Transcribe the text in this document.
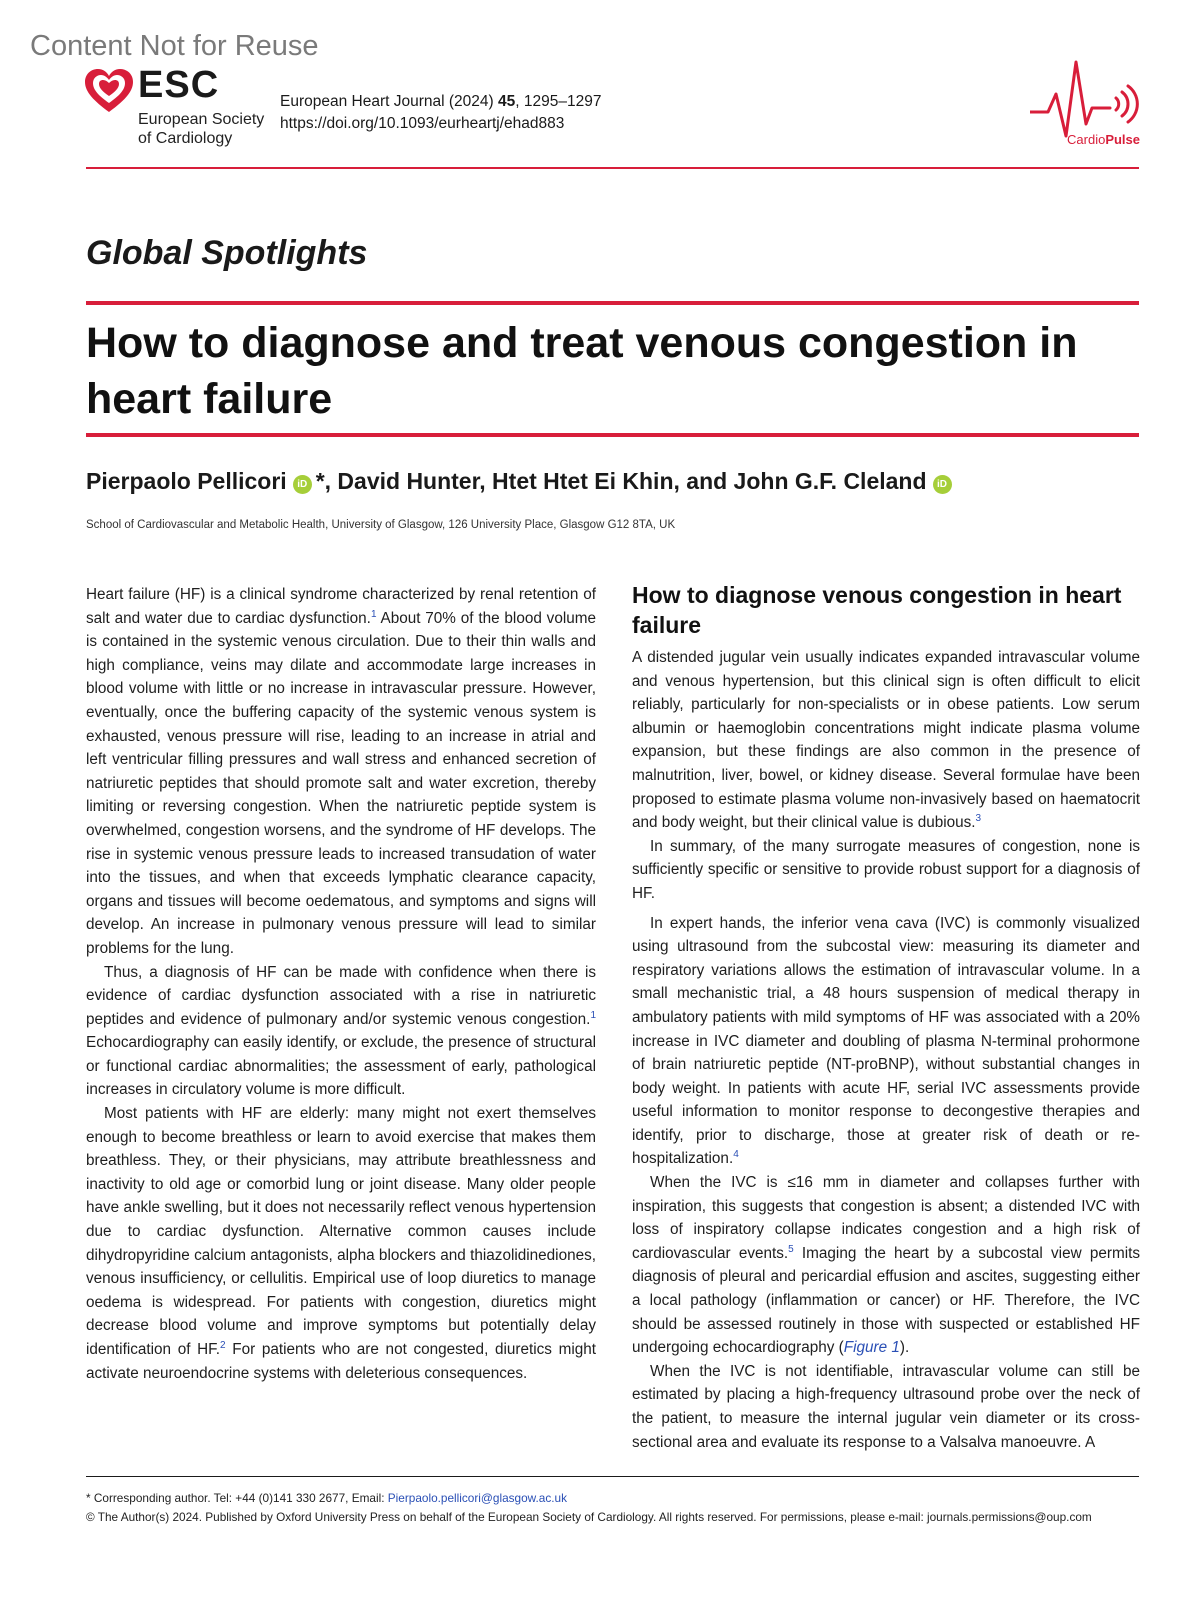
Content Not for Reuse
ESC
European Society
of Cardiology
European Heart Journal (2024) 45, 1295–1297
https://doi.org/10.1093/eurheartj/ehad883
CardioPulse
Global Spotlights
How to diagnose and treat venous congestion in heart failure
Pierpaolo Pellicori iD *, David Hunter, Htet Htet Ei Khin, and John G.F. Cleland iD
School of Cardiovascular and Metabolic Health, University of Glasgow, 126 University Place, Glasgow G12 8TA, UK

Heart failure (HF) is a clinical syndrome characterized by renal retention of salt and water due to cardiac dysfunction.$^1$ About 70% of the blood volume is contained in the systemic venous circulation. Due to their thin walls and high compliance, veins may dilate and accommodate large increases in blood volume with little or no increase in intravascular pressure. However, eventually, once the buffering capacity of the systemic venous system is exhausted, venous pressure will rise, leading to an increase in atrial and left ventricular filling pressures and wall stress and enhanced secretion of natriuretic peptides that should promote salt and water excretion, thereby limiting or reversing congestion. When the natriuretic peptide system is overwhelmed, congestion worsens, and the syndrome of HF develops. The rise in systemic venous pressure leads to increased transudation of water into the tissues, and when that exceeds lymphatic clearance capacity, organs and tissues will become oedematous, and symptoms and signs will develop. An increase in pulmonary venous pressure will lead to similar problems for the lung.

Thus, a diagnosis of HF can be made with confidence when there is evidence of cardiac dysfunction associated with a rise in natriuretic peptides and evidence of pulmonary and/or systemic venous congestion.$^1$ Echocardiography can easily identify, or exclude, the presence of structural or functional cardiac abnormalities; the assessment of early, pathological increases in circulatory volume is more difficult.

Most patients with HF are elderly: many might not exert themselves enough to become breathless or learn to avoid exercise that makes them breathless. They, or their physicians, may attribute breathlessness and inactivity to old age or comorbid lung or joint disease. Many older people have ankle swelling, but it does not necessarily reflect venous hypertension due to cardiac dysfunction. Alternative common causes include dihydropyridine calcium antagonists, alpha blockers and thiazolidinediones, venous insufficiency, or cellulitis. Empirical use of loop diuretics to manage oedema is widespread. For patients with congestion, diuretics might decrease blood volume and improve symptoms but potentially delay identification of HF.$^2$ For patients who are not congested, diuretics might activate neuroendocrine systems with deleterious consequences.

How to diagnose venous congestion in heart failure

A distended jugular vein usually indicates expanded intravascular volume and venous hypertension, but this clinical sign is often difficult to elicit reliably, particularly for non-specialists or in obese patients. Low serum albumin or haemoglobin concentrations might indicate plasma volume expansion, but these findings are also common in the presence of malnutrition, liver, bowel, or kidney disease. Several formulae have been proposed to estimate plasma volume non-invasively based on haematocrit and body weight, but their clinical value is dubious.$^3$

In summary, of the many surrogate measures of congestion, none is sufficiently specific or sensitive to provide robust support for a diagnosis of HF.

In expert hands, the inferior vena cava (IVC) is commonly visualized using ultrasound from the subcostal view: measuring its diameter and respiratory variations allows the estimation of intravascular volume. In a small mechanistic trial, a 48 hours suspension of medical therapy in ambulatory patients with mild symptoms of HF was associated with a 20% increase in IVC diameter and doubling of plasma N-terminal prohormone of brain natriuretic peptide (NT-proBNP), without substantial changes in body weight. In patients with acute HF, serial IVC assessments provide useful information to monitor response to decongestive therapies and identify, prior to discharge, those at greater risk of death or re-hospitalization.$^4$

When the IVC is ≤16 mm in diameter and collapses further with inspiration, this suggests that congestion is absent; a distended IVC with loss of inspiratory collapse indicates congestion and a high risk of cardiovascular events.$^5$ Imaging the heart by a subcostal view permits diagnosis of pleural and pericardial effusion and ascites, suggesting either a local pathology (inflammation or cancer) or HF. Therefore, the IVC should be assessed routinely in those with suspected or established HF undergoing echocardiography (Figure 1).

When the IVC is not identifiable, intravascular volume can still be estimated by placing a high-frequency ultrasound probe over the neck of the patient, to measure the internal jugular vein diameter or its cross-sectional area and evaluate its response to a Valsalva manoeuvre. A

* Corresponding author. Tel: +44 (0)141 330 2677, Email: Pierpaolo.pellicori@glasgow.ac.uk
© The Author(s) 2024. Published by Oxford University Press on behalf of the European Society of Cardiology. All rights reserved. For permissions, please e-mail: journals.permissions@oup.com
